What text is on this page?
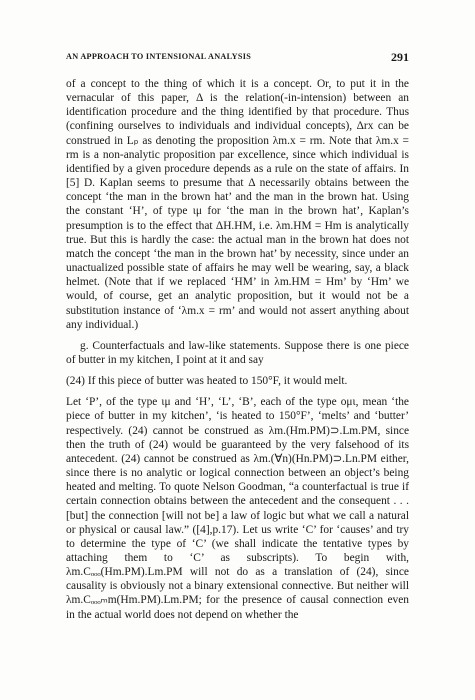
AN APPROACH TO INTENSIONAL ANALYSIS	291

of a concept to the thing of which it is a concept. Or, to put it in the vernacular of this paper, Δ is the relation(-in-intension) between an identification procedure and the thing identified by that procedure. Thus (confining ourselves to individuals and individual concepts), Δrx can be construed in Lₚ as denoting the proposition λm.x = rm. Note that λm.x = rm is a non-analytic proposition par excellence, since which individual is identified by a given procedure depends as a rule on the state of affairs. In [5] D. Kaplan seems to presume that Δ necessarily obtains between the concept ‘the man in the brown hat’ and the man in the brown hat. Using the constant ‘H’, of type ιμ for ‘the man in the brown hat’, Kaplan’s presumption is to the effect that ΔH.HM, i.e. λm.HM = Hm is analytically true. But this is hardly the case: the actual man in the brown hat does not match the concept ‘the man in the brown hat’ by necessity, since under an unactualized possible state of affairs he may well be wearing, say, a black helmet. (Note that if we replaced ‘HM’ in λm.HM = Hm’ by ‘Hm’ we would, of course, get an analytic proposition, but it would not be a substitution instance of ‘λm.x = rm’ and would not assert anything about any individual.)

g. Counterfactuals and law-like statements. Suppose there is one piece of butter in my kitchen, I point at it and say

(24) If this piece of butter was heated to 150°F, it would melt.

Let ‘P’, of the type ιμ and ‘H’, ‘L’, ‘B’, each of the type ομι, mean ‘the piece of butter in my kitchen’, ‘is heated to 150°F’, ‘melts’ and ‘butter’ respectively. (24) cannot be construed as λm.(Hm.PM)⊃.Lm.PM, since then the truth of (24) would be guaranteed by the very falsehood of its antecedent. (24) cannot be construed as λm.(∀n)(Hn.PM)⊃.Ln.PM either, since there is no analytic or logical connection between an object’s being heated and melting. To quote Nelson Goodman, “a counterfactual is true if certain connection obtains between the antecedent and the consequent . . . [but] the connection [will not be] a law of logic but what we call a natural or physical or causal law.” ([4],p.17). Let us write ‘C’ for ‘causes’ and try to determine the type of ‘C’ (we shall indicate the tentative types by attaching them to ‘C’ as subscripts). To begin with, λm.Cₒₒₒ(Hm.PM).Lm.PM will not do as a translation of (24), since causality is obviously not a binary extensional connective. But neither will λm.Cₒₒₒₘm(Hm.PM).Lm.PM; for the presence of causal connection even in the actual world does not depend on whether the
